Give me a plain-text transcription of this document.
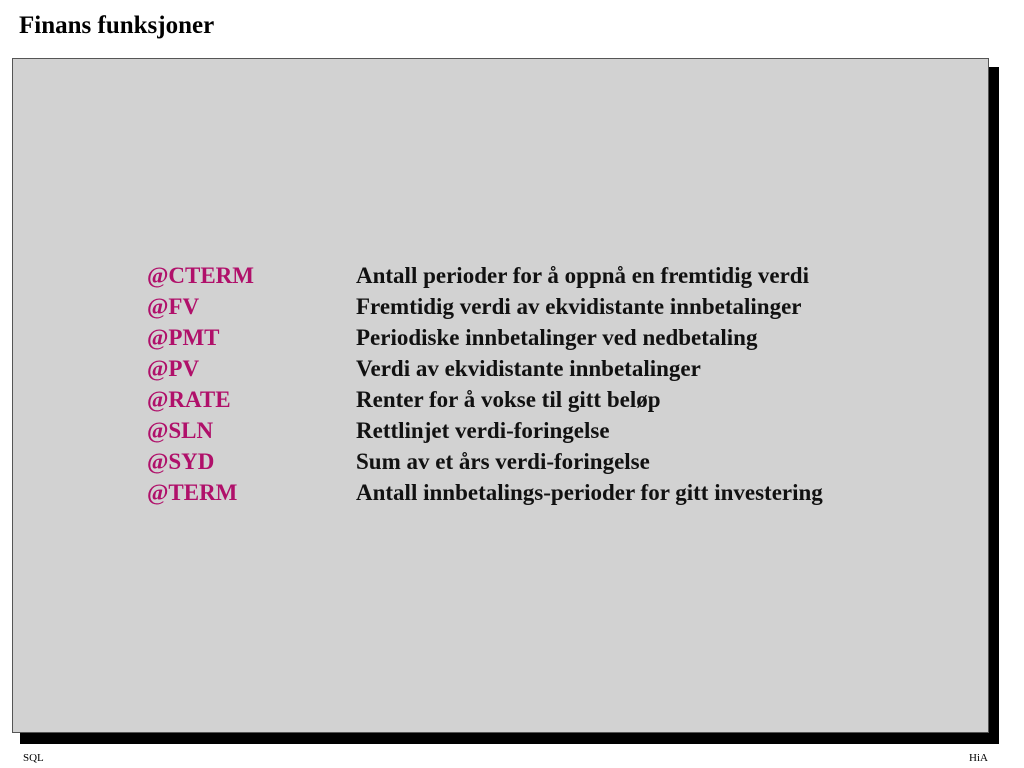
Finans funksjoner
@CTERM	Antall perioder for å oppnå en fremtidig verdi
@FV	Fremtidig verdi av ekvidistante innbetalinger
@PMT	Periodiske innbetalinger ved nedbetaling
@PV	Verdi av ekvidistante innbetalinger
@RATE	Renter for å vokse til gitt beløp
@SLN	Rettlinjet verdi-foringelse
@SYD	Sum av et års verdi-foringelse
@TERM	Antall innbetalings-perioder for gitt investering
SQL	HiA
